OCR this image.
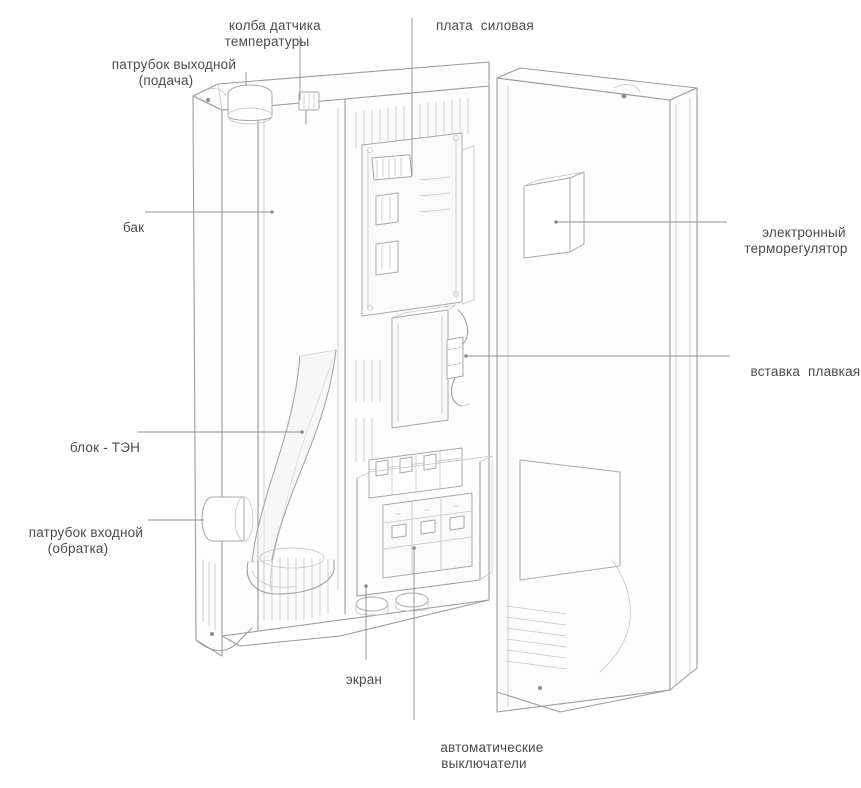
колба датчика
температуры

плата  силовая

патрубок выходной
(подача)

бак
	электронный
терморегулятор

вставка  плавкая

блок - ТЭН

патрубок входной
(обратка)

экран

автоматические
выключатели
